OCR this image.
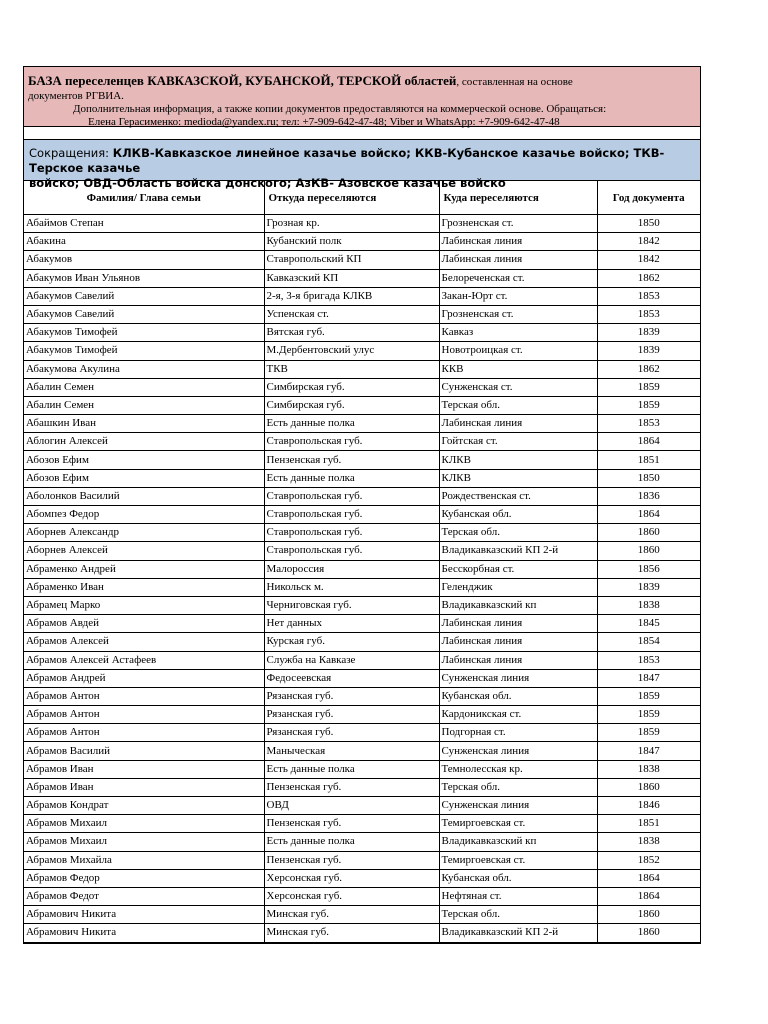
БАЗА переселенцев КАВКАЗСКОЙ, КУБАНСКОЙ, ТЕРСКОЙ областей, составленная на основе
документов РГВИА.
Дополнительная информация, а также копии документов предоставляются на коммерческой основе. Обращаться:
Елена Герасименко: medioda@yandex.ru; тел: +7-909-642-47-48; Viber и WhatsApp: +7-909-642-47-48
Сокращения: КЛКВ-Кавказское линейное казачье войско; ККВ-Кубанское казачье войско; ТКВ-Терское казачье
войско; ОВД-Область войска донского; АзКВ- Азовское казачье войско
Фамилия/ Глава семьи	Откуда переселяются	Куда переселяются	Год документа
Абаймов Степан	Грозная кр.	Грозненская ст.	1850
Абакина	Кубанский полк	Лабинская линия	1842
Абакумов	Ставропольский КП	Лабинская линия	1842
Абакумов Иван Ульянов	Кавказский КП	Белореченская ст.	1862
Абакумов Савелий	2-я, 3-я бригада КЛКВ	Закан-Юрт ст.	1853
Абакумов Савелий	Успенская ст.	Грозненская ст.	1853
Абакумов Тимофей	Вятская губ.	Кавказ	1839
Абакумов Тимофей	М.Дербентовский улус	Новотроицкая ст.	1839
Абакумова Акулина	ТКВ	ККВ	1862
Абалин Семен	Симбирская губ.	Сунженская ст.	1859
Абалин Семен	Симбирская губ.	Терская обл.	1859
Абашкин Иван	Есть данные полка	Лабинская линия	1853
Аблогин Алексей	Ставропольская губ.	Гойтская ст.	1864
Абозов Ефим	Пензенская губ.	КЛКВ	1851
Абозов Ефим	Есть данные полка	КЛКВ	1850
Аболонков Василий	Ставропольская губ.	Рождественская ст.	1836
Абомпез Федор	Ставропольская губ.	Кубанская обл.	1864
Аборнев Александр	Ставропольская губ.	Терская обл.	1860
Аборнев Алексей	Ставропольская губ.	Владикавказский КП 2-й	1860
Абраменко Андрей	Малороссия	Бесскорбная ст.	1856
Абраменко Иван	Никольск м.	Геленджик	1839
Абрамец Марко	Черниговская губ.	Владикавказский кп	1838
Абрамов Авдей	Нет данных	Лабинская линия	1845
Абрамов Алексей	Курская губ.	Лабинская линия	1854
Абрамов Алексей Астафеев	Служба на Кавказе	Лабинская линия	1853
Абрамов Андрей	Федосеевская	Сунженская линия	1847
Абрамов Антон	Рязанская губ.	Кубанская обл.	1859
Абрамов Антон	Рязанская губ.	Кардоникская ст.	1859
Абрамов Антон	Рязанская губ.	Подгорная ст.	1859
Абрамов Василий	Маныческая	Сунженская линия	1847
Абрамов Иван	Есть данные полка	Темнолесская кр.	1838
Абрамов Иван	Пензенская губ.	Терская обл.	1860
Абрамов Кондрат	ОВД	Сунженская линия	1846
Абрамов Михаил	Пензенская губ.	Темиргоевская ст.	1851
Абрамов Михаил	Есть данные полка	Владикавказский кп	1838
Абрамов Михайла	Пензенская губ.	Темиргоевская ст.	1852
Абрамов Федор	Херсонская губ.	Кубанская обл.	1864
Абрамов Федот	Херсонская губ.	Нефтяная ст.	1864
Абрамович Никита	Минская губ.	Терская обл.	1860
Абрамович Никита	Минская губ.	Владикавказский КП 2-й	1860
